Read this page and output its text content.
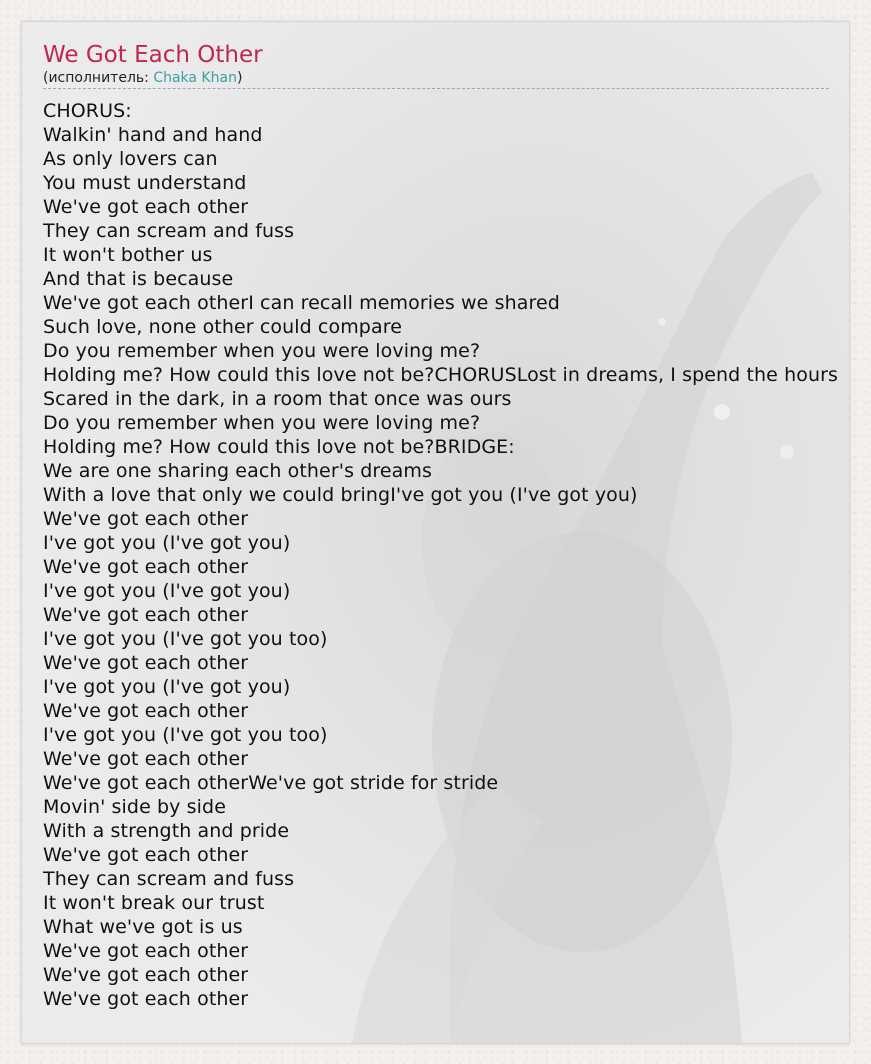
We Got Each Other
(исполнитель: Chaka Khan)
CHORUS:
Walkin' hand and hand
As only lovers can
You must understand
We've got each other
They can scream and fuss
It won't bother us
And that is because
We've got each otherI can recall memories we shared
Such love, none other could compare
Do you remember when you were loving me?
Holding me? How could this love not be?CHORUSLost in dreams, I spend the hours
Scared in the dark, in a room that once was ours
Do you remember when you were loving me?
Holding me? How could this love not be?BRIDGE:
We are one sharing each other's dreams
With a love that only we could bringI've got you (I've got you)
We've got each other
I've got you (I've got you)
We've got each other
I've got you (I've got you)
We've got each other
I've got you (I've got you too)
We've got each other
I've got you (I've got you)
We've got each other
I've got you (I've got you too)
We've got each other
We've got each otherWe've got stride for stride
Movin' side by side
With a strength and pride
We've got each other
They can scream and fuss
It won't break our trust
What we've got is us
We've got each other
We've got each other
We've got each other
